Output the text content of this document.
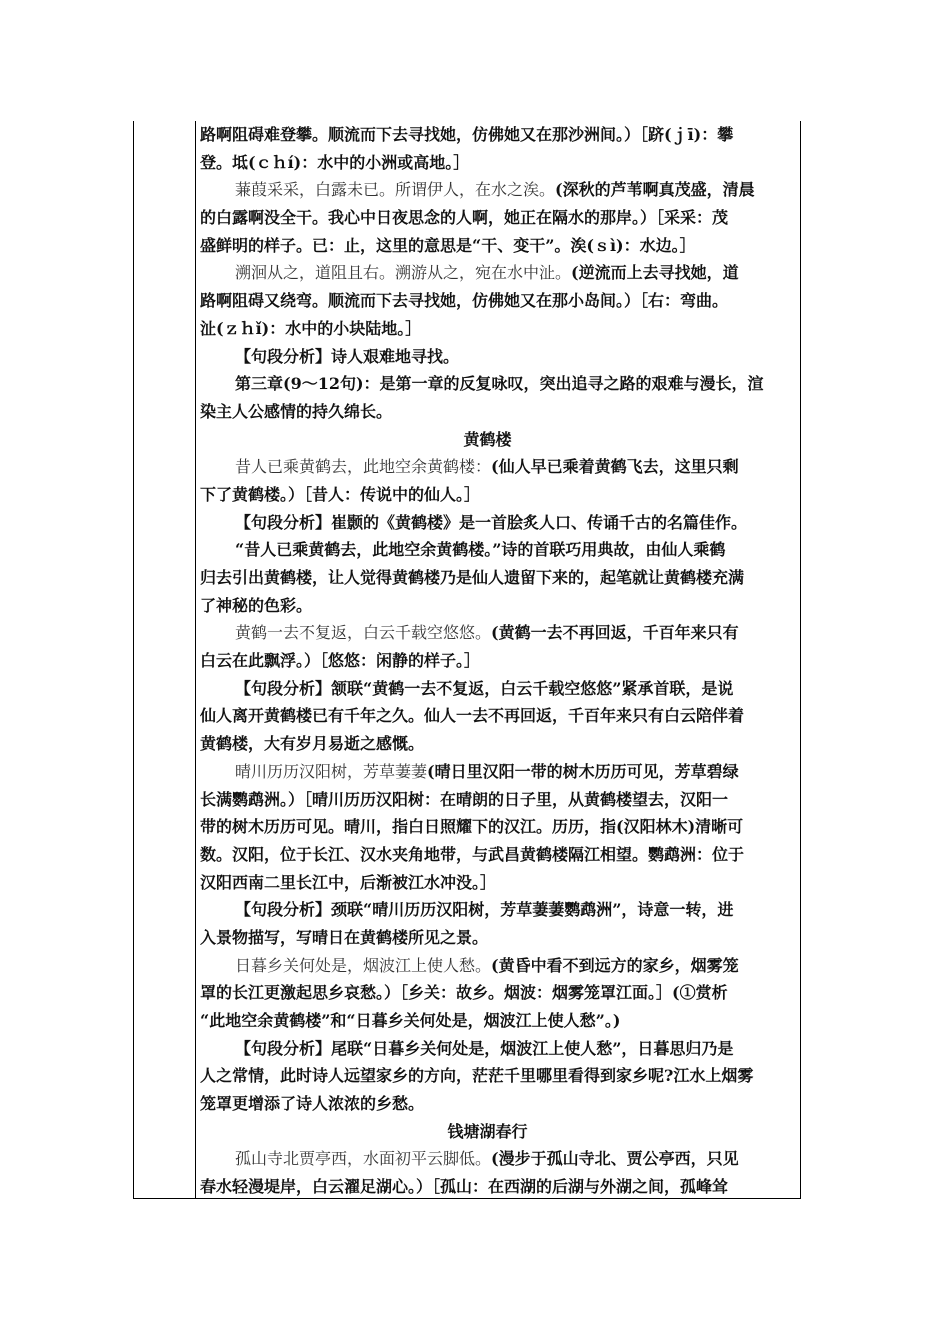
路啊阻碍难登攀。顺流而下去寻找她，仿佛她又在那沙洲间。）［跻(ｊī)：攀
登。坻(ｃｈí)：水中的小洲或高地。］
蒹葭采采，白露未已。所谓伊人，在水之涘。(深秋的芦苇啊真茂盛，清晨
的白露啊没全干。我心中日夜思念的人啊，她正在隔水的那岸。）［采采：茂
盛鲜明的样子。已：止，这里的意思是“干、变干”。涘(ｓì)：水边。］
溯洄从之，道阻且右。溯游从之，宛在水中沚。(逆流而上去寻找她，道
路啊阻碍又绕弯。顺流而下去寻找她，仿佛她又在那小岛间。）［右：弯曲。
沚(ｚｈǐ)：水中的小块陆地。］
【句段分析】诗人艰难地寻找。
第三章(9～12句)：是第一章的反复咏叹，突出追寻之路的艰难与漫长，渲
染主人公感情的持久绵长。
黄鹤楼
昔人已乘黄鹤去，此地空余黄鹤楼：(仙人早已乘着黄鹤飞去，这里只剩
下了黄鹤楼。）［昔人：传说中的仙人。］
【句段分析】崔颢的《黄鹤楼》是一首脍炙人口、传诵千古的名篇佳作。
“昔人已乘黄鹤去，此地空余黄鹤楼。”诗的首联巧用典故，由仙人乘鹤
归去引出黄鹤楼，让人觉得黄鹤楼乃是仙人遗留下来的，起笔就让黄鹤楼充满
了神秘的色彩。
黄鹤一去不复返，白云千载空悠悠。(黄鹤一去不再回返，千百年来只有
白云在此飘浮。）［悠悠：闲静的样子。］
【句段分析】颔联“黄鹤一去不复返，白云千载空悠悠”紧承首联，是说
仙人离开黄鹤楼已有千年之久。仙人一去不再回返，千百年来只有白云陪伴着
黄鹤楼，大有岁月易逝之感慨。
晴川历历汉阳树，芳草萋萋(晴日里汉阳一带的树木历历可见，芳草碧绿
长满鹦鹉洲。）［晴川历历汉阳树：在晴朗的日子里，从黄鹤楼望去，汉阳一
带的树木历历可见。晴川，指白日照耀下的汉江。历历，指(汉阳林木)清晰可
数。汉阳，位于长江、汉水夹角地带，与武昌黄鹤楼隔江相望。鹦鹉洲：位于
汉阳西南二里长江中，后渐被江水冲没。］
【句段分析】颈联“晴川历历汉阳树，芳草萋萋鹦鹉洲”，诗意一转，进
入景物描写，写晴日在黄鹤楼所见之景。
日暮乡关何处是，烟波江上使人愁。(黄昏中看不到远方的家乡，烟雾笼
罩的长江更激起思乡哀愁。）［乡关：故乡。烟波：烟雾笼罩江面。］(①赏析
“此地空余黄鹤楼”和“日暮乡关何处是，烟波江上使人愁”。)
【句段分析】尾联“日暮乡关何处是，烟波江上使人愁”，日暮思归乃是
人之常情，此时诗人远望家乡的方向，茫茫千里哪里看得到家乡呢?江水上烟雾
笼罩更增添了诗人浓浓的乡愁。
钱塘湖春行
孤山寺北贾亭西，水面初平云脚低。(漫步于孤山寺北、贾公亭西，只见
春水轻漫堤岸，白云濯足湖心。）［孤山：在西湖的后湖与外湖之间，孤峰耸
